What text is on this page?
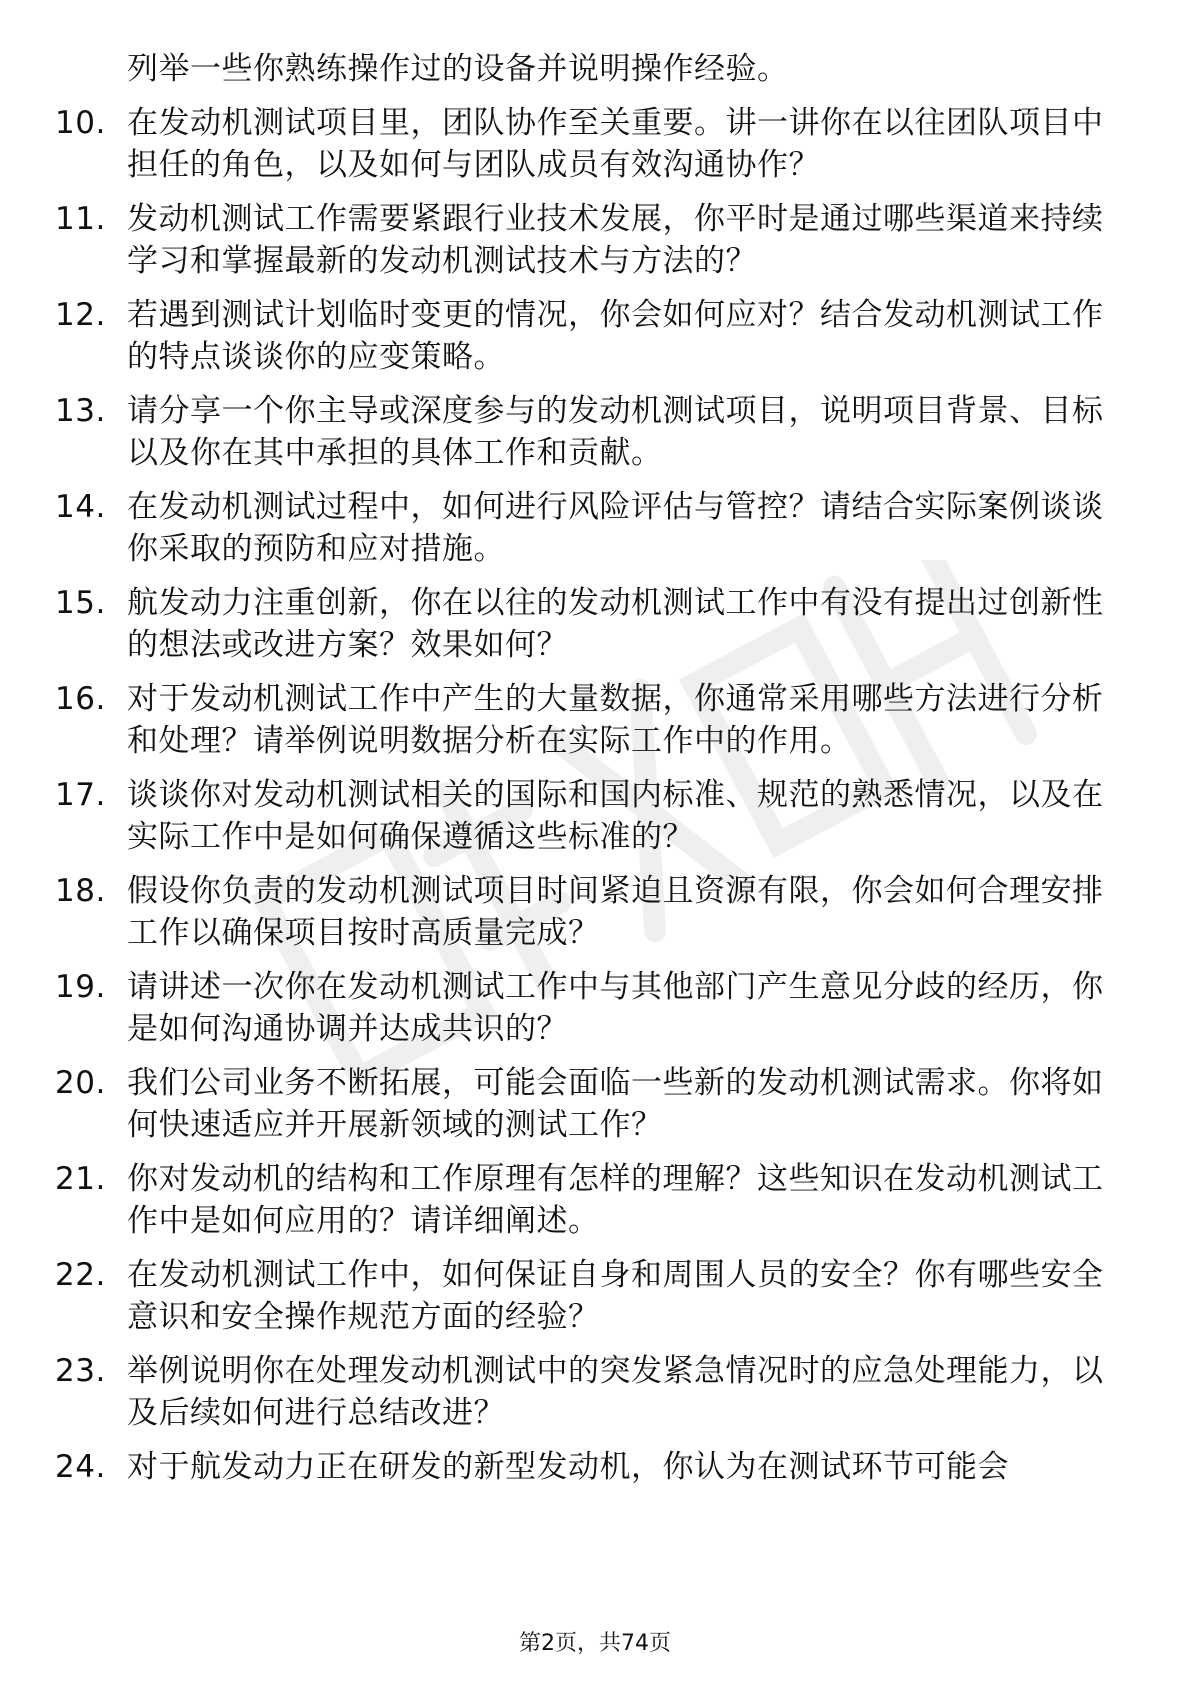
列举一些你熟练操作过的设备并说明操作经验。
10. 在发动机测试项目里，团队协作至关重要。讲一讲你在以往团队项目中担任的角色，以及如何与团队成员有效沟通协作？
11. 发动机测试工作需要紧跟行业技术发展，你平时是通过哪些渠道来持续学习和掌握最新的发动机测试技术与方法的？
12. 若遇到测试计划临时变更的情况，你会如何应对？结合发动机测试工作的特点谈谈你的应变策略。
13. 请分享一个你主导或深度参与的发动机测试项目，说明项目背景、目标以及你在其中承担的具体工作和贡献。
14. 在发动机测试过程中，如何进行风险评估与管控？请结合实际案例谈谈你采取的预防和应对措施。
15. 航发动力注重创新，你在以往的发动机测试工作中有没有提出过创新性的想法或改进方案？效果如何？
16. 对于发动机测试工作中产生的大量数据，你通常采用哪些方法进行分析和处理？请举例说明数据分析在实际工作中的作用。
17. 谈谈你对发动机测试相关的国际和国内标准、规范的熟悉情况，以及在实际工作中是如何确保遵循这些标准的？
18. 假设你负责的发动机测试项目时间紧迫且资源有限，你会如何合理安排工作以确保项目按时高质量完成？
19. 请讲述一次你在发动机测试工作中与其他部门产生意见分歧的经历，你是如何沟通协调并达成共识的？
20. 我们公司业务不断拓展，可能会面临一些新的发动机测试需求。你将如何快速适应并开展新领域的测试工作？
21. 你对发动机的结构和工作原理有怎样的理解？这些知识在发动机测试工作中是如何应用的？请详细阐述。
22. 在发动机测试工作中，如何保证自身和周围人员的安全？你有哪些安全意识和安全操作规范方面的经验？
23. 举例说明你在处理发动机测试中的突发紧急情况时的应急处理能力，以及后续如何进行总结改进？
24. 对于航发动力正在研发的新型发动机，你认为在测试环节可能会
第2页，共74页
